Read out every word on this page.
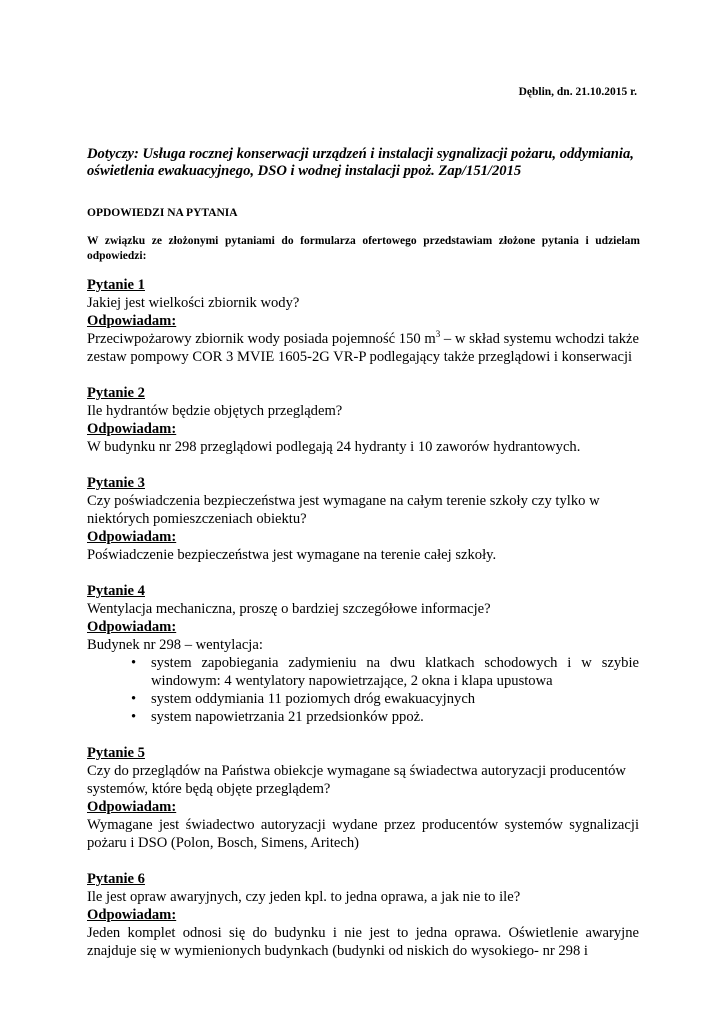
Dęblin, dn. 21.10.2015 r.
Dotyczy: Usługa rocznej konserwacji urządzeń i instalacji sygnalizacji pożaru, oddymiania, oświetlenia ewakuacyjnego, DSO i wodnej instalacji ppoż. Zap/151/2015
OPDOWIEDZI NA PYTANIA
W związku ze złożonymi pytaniami do formularza ofertowego przedstawiam złożone pytania i udzielam odpowiedzi:
Pytanie 1
Jakiej jest wielkości zbiornik wody?
Odpowiadam:
Przeciwpożarowy zbiornik wody posiada pojemność 150 $m^3$ – w skład systemu wchodzi także zestaw pompowy COR 3 MVIE 1605-2G VR-P podlegający także przeglądowi i konserwacji
Pytanie 2
Ile hydrantów będzie objętych przeglądem?
Odpowiadam:
W budynku nr 298 przeglądowi podlegają 24 hydranty i 10 zaworów hydrantowych.
Pytanie 3
Czy poświadczenia bezpieczeństwa jest wymagane na całym terenie szkoły czy tylko w niektórych pomieszczeniach obiektu?
Odpowiadam:
Poświadczenie bezpieczeństwa jest wymagane na terenie całej szkoły.
Pytanie 4
Wentylacja mechaniczna, proszę o bardziej szczegółowe informacje?
Odpowiadam:
Budynek nr 298 – wentylacja:
• system zapobiegania zadymieniu na dwu klatkach schodowych i w szybie windowym: 4 wentylatory napowietrzające, 2 okna i klapa upustowa
• system oddymiania 11 poziomych dróg ewakuacyjnych
• system napowietrzania 21 przedsionków ppoż.
Pytanie 5
Czy do przeglądów na Państwa obiekcje wymagane są świadectwa autoryzacji producentów systemów, które będą objęte przeglądem?
Odpowiadam:
Wymagane jest świadectwo autoryzacji wydane przez producentów systemów sygnalizacji pożaru i DSO (Polon, Bosch, Simens, Aritech)
Pytanie 6
Ile jest opraw awaryjnych, czy jeden kpl. to jedna oprawa, a jak nie to ile?
Odpowiadam:
Jeden komplet odnosi się do budynku i nie jest to jedna oprawa. Oświetlenie awaryjne znajduje się w wymienionych budynkach (budynki od niskich do wysokiego- nr 298 i
